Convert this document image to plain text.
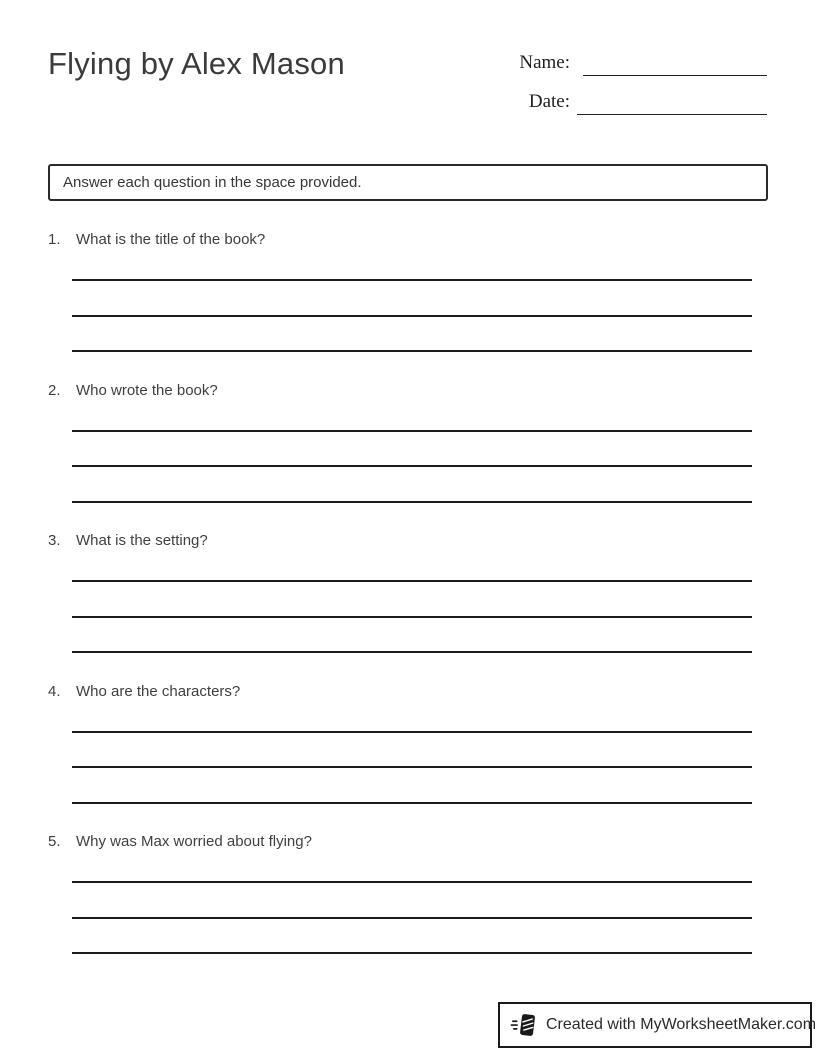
Flying by Alex Mason	Name:
Date:
Answer each question in the space provided.
1. What is the title of the book?
2. Who wrote the book?
3. What is the setting?
4. Who are the characters?
5. Why was Max worried about flying?
Created with MyWorksheetMaker.com
